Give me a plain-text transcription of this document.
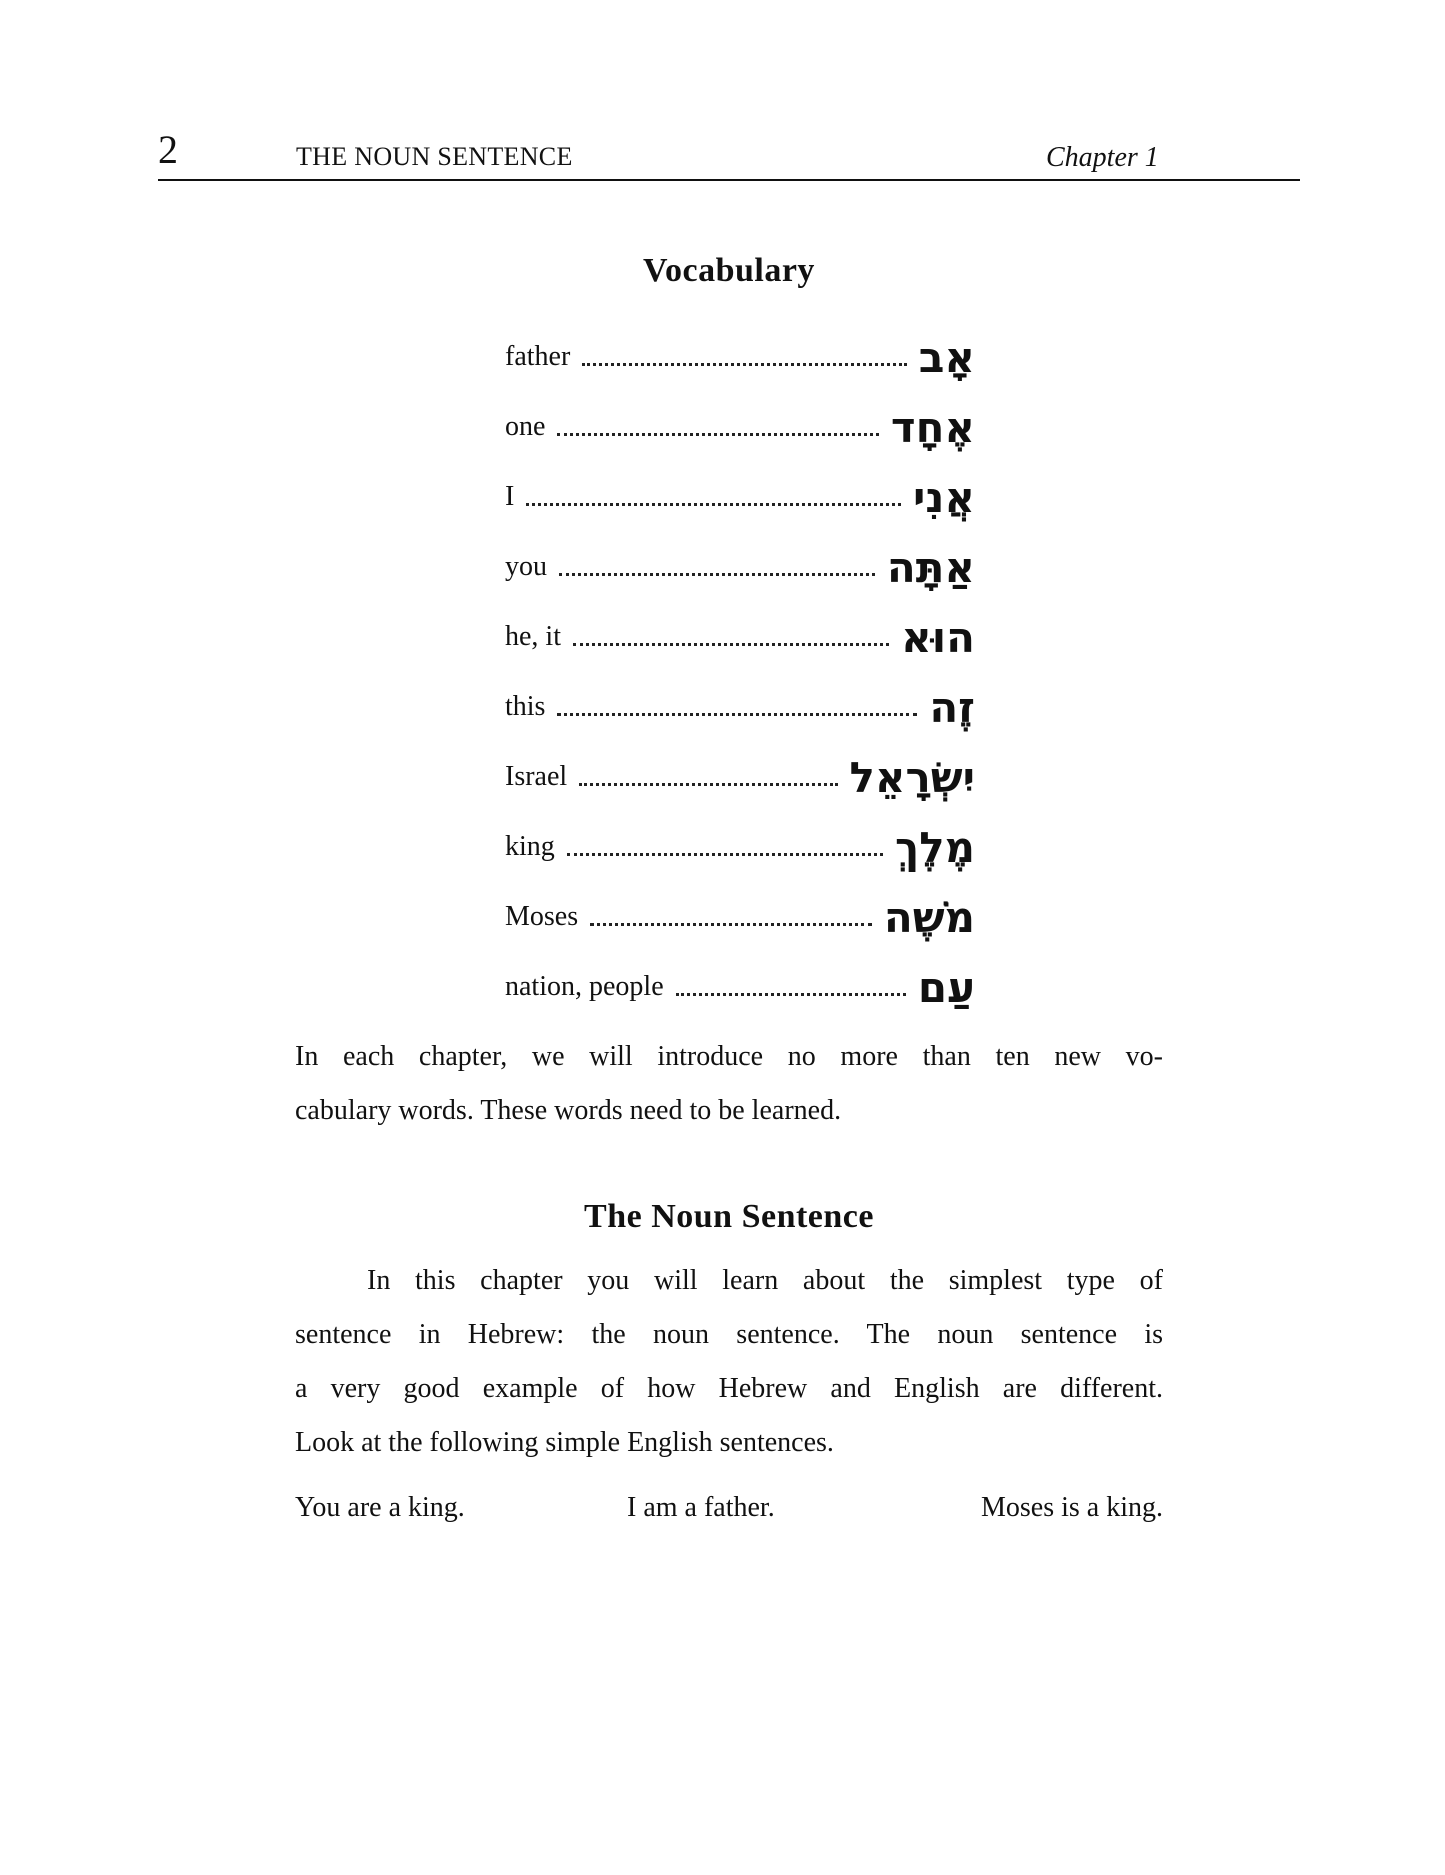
2	THE NOUN SENTENCE	Chapter 1
Vocabulary
father	אָב
one	אֶחָד
I	אֲנִי
you	אַתָּה
he, it	הוּא
this	זֶה
Israel	יִשְׂרָאֵל
king	מֶלֶךְ
Moses	מֹשֶׁה
nation, people	עַם

In each chapter, we will introduce no more than ten new vo-
cabulary words. These words need to be learned.

The Noun Sentence

In this chapter you will learn about the simplest type of
sentence in Hebrew: the noun sentence. The noun sentence is
a very good example of how Hebrew and English are different.
Look at the following simple English sentences.

You are a king.	I am a father.	Moses is a king.
